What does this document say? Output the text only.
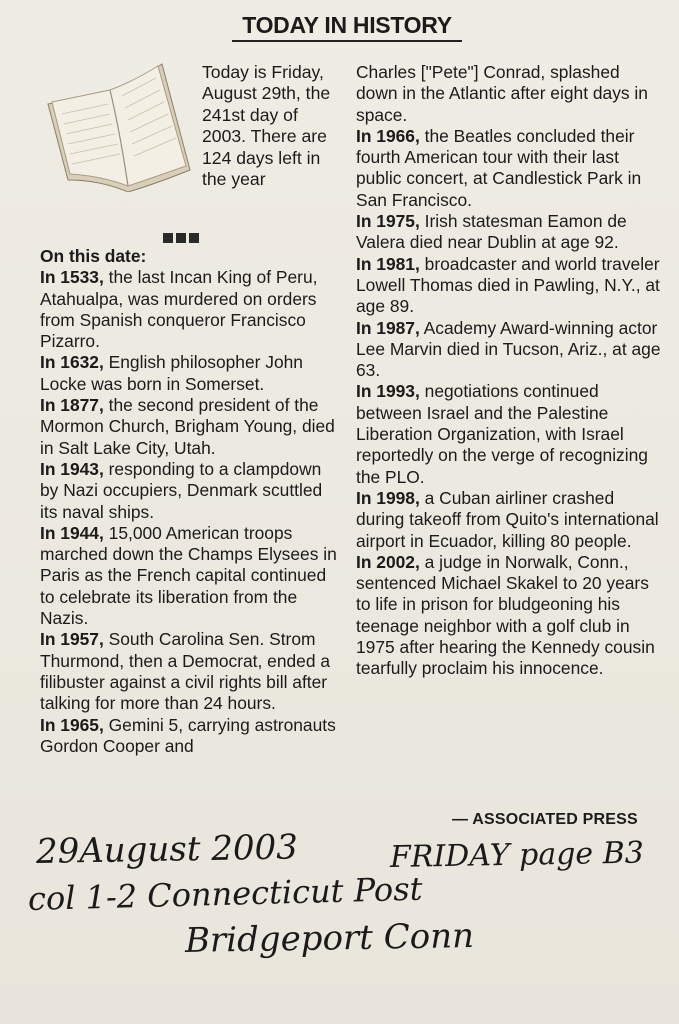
TODAY IN HISTORY
Today is Friday, August 29th, the 241st day of 2003. There are 124 days left in the year

On this date:

In 1533, the last Incan King of Peru, Atahualpa, was murdered on orders from Spanish conqueror Francisco Pizarro.

In 1632, English philosopher John Locke was born in Somerset.

In 1877, the second president of the Mormon Church, Brigham Young, died in Salt Lake City, Utah.

In 1943, responding to a clampdown by Nazi occupiers, Denmark scuttled its naval ships.

In 1944, 15,000 American troops marched down the Champs Elysees in Paris as the French capital continued to celebrate its liberation from the Nazis.

In 1957, South Carolina Sen. Strom Thurmond, then a Democrat, ended a filibuster against a civil rights bill after talking for more than 24 hours.

In 1965, Gemini 5, carrying astronauts Gordon Cooper and

Charles ["Pete"] Conrad, splashed down in the Atlantic after eight days in space.

In 1966, the Beatles concluded their fourth American tour with their last public concert, at Candlestick Park in San Francisco.

In 1975, Irish statesman Eamon de Valera died near Dublin at age 92.

In 1981, broadcaster and world traveler Lowell Thomas died in Pawling, N.Y., at age 89.

In 1987, Academy Award-winning actor Lee Marvin died in Tucson, Ariz., at age 63.

In 1993, negotiations continued between Israel and the Palestine Liberation Organization, with Israel reportedly on the verge of recognizing the PLO.

In 1998, a Cuban airliner crashed during takeoff from Quito's international airport in Ecuador, killing 80 people.

In 2002, a judge in Norwalk, Conn., sentenced Michael Skakel to 20 years to life in prison for bludgeoning his teenage neighbor with a golf club in 1975 after hearing the Kennedy cousin tearfully proclaim his innocence.

— ASSOCIATED PRESS
29August 2003	FRIDAY page B3
col 1-2 Connecticut Post
Bridgeport Conn
